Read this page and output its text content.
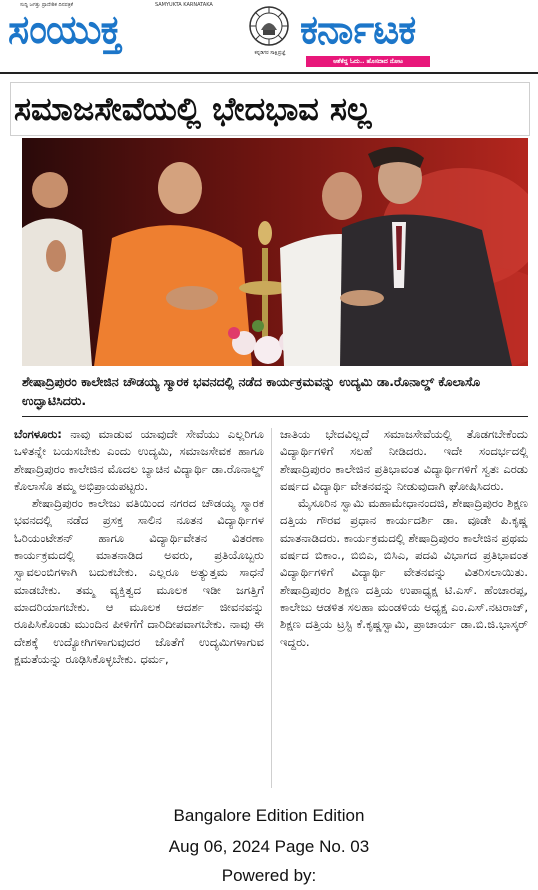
ಸುದ್ದಿ ಜಗತ್ತು ಪ್ರಾದೇಶಿಕ ದಿನಪತ್ರಿಕೆ	SAMYUKTA KARNATAKA
ಸಂಯುಕ್ತ	ಕನ್ನಡಿಗರ ಸಾಕ್ಷಿಪ್ರಜ್ಞೆ ಕರ್ನಾಟಕ
ಆಶೆಕೆದ್ದ ಓದು.. ಹೊಸದಾದ ನೋಟ
ಸಮಾಜಸೇವೆಯಲ್ಲಿ ಭೇದಭಾವ ಸಲ್ಲ
ಶೇಷಾದ್ರಿಪುರಂ ಕಾಲೇಜಿನ ಚೌಡಯ್ಯ ಸ್ಮಾರಕ ಭವನದಲ್ಲಿ ನಡೆದ ಕಾರ್ಯಕ್ರಮವನ್ನು ಉದ್ಯಮಿ ಡಾ.ರೊನಾಲ್ಡ್ ಕೊಲಾಸೊ ಉದ್ಘಾಟಿಸಿದರು.

ಬೆಂಗಳೂರು: ನಾವು ಮಾಡುವ ಯಾವುದೇ ಸೇವೆಯು ಎಲ್ಲರಿಗೂ ಒಳಿತನ್ನೇ ಬಯಸಬೇಕು ಎಂದು ಉದ್ಯಮಿ, ಸಮಾಜಸೇವಕ ಹಾಗೂ ಶೇಷಾದ್ರಿಪುರಂ ಕಾಲೇಜಿನ ಮೊದಲ ಬ್ಯಾಚಿನ ವಿದ್ಯಾರ್ಥಿ ಡಾ.ರೊನಾಲ್ಡ್ ಕೊಲಾಸೊ ತಮ್ಮ ಅಭಿಪ್ರಾಯಪಟ್ಟರು.

ಶೇಷಾದ್ರಿಪುರಂ ಕಾಲೇಜು ವತಿಯಿಂದ ನಗರದ ಚೌಡಯ್ಯ ಸ್ಮಾರಕ ಭವನದಲ್ಲಿ ನಡೆದ ಪ್ರಸಕ್ತ ಸಾಲಿನ ನೂತನ ವಿದ್ಯಾರ್ಥಿಗಳ ಓರಿಯಂಟೇಶನ್ ಹಾಗೂ ವಿದ್ಯಾರ್ಥಿವೇತನ ವಿತರಣಾ ಕಾರ್ಯಕ್ರಮದಲ್ಲಿ ಮಾತನಾಡಿದ ಅವರು, ಪ್ರತಿಯೊಬ್ಬರು ಸ್ವಾವಲಂಬಿಗಳಾಗಿ ಬದುಕಬೇಕು. ಎಲ್ಲರೂ ಅತ್ಯುತ್ತಮ ಸಾಧನೆ ಮಾಡಬೇಕು. ತಮ್ಮ ವ್ಯಕ್ತಿತ್ವದ ಮೂಲಕ ಇಡೀ ಜಗತ್ತಿಗೆ ಮಾದರಿಯಾಗಬೇಕು. ಆ ಮೂಲಕ ಆದರ್ಶ ಜೀವನವನ್ನು ರೂಪಿಸಿಕೊಂಡು ಮುಂದಿನ ಪೀಳಿಗೆಗೆ ದಾರಿದೀಪವಾಗಬೇಕು. ನಾವು ಈ ದೇಶಕ್ಕೆ ಉದ್ಯೋಗಿಗಳಾಗುವುದರ ಜೊತೆಗೆ ಉದ್ಯಮಿಗಳಾಗುವ ಕ್ಷಮತೆಯನ್ನು ರೂಢಿಸಿಕೊಳ್ಳಬೇಕು. ಧರ್ಮ,

ಜಾತಿಯ ಭೇದವಿಲ್ಲದೆ ಸಮಾಜಸೇವೆಯಲ್ಲಿ ತೊಡಗಬೇಕೆಂದು ವಿದ್ಯಾರ್ಥಿಗಳಿಗೆ ಸಲಹೆ ನೀಡಿದರು. ಇದೇ ಸಂದರ್ಭದಲ್ಲಿ ಶೇಷಾದ್ರಿಪುರಂ ಕಾಲೇಜಿನ ಪ್ರತಿಭಾವಂತ ವಿದ್ಯಾರ್ಥಿಗಳಿಗೆ ಸ್ವತಃ ಎರಡು ವರ್ಷದ ವಿದ್ಯಾರ್ಥಿ ವೇತನವನ್ನು ನೀಡುವುದಾಗಿ ಘೋಷಿಸಿದರು.

ಮೈಸೂರಿನ ಸ್ವಾಮಿ ಮಹಾಮೇಧಾನಂದಜಿ, ಶೇಷಾದ್ರಿಪುರಂ ಶಿಕ್ಷಣ ದತ್ತಿಯ ಗೌರವ ಪ್ರಧಾನ ಕಾರ್ಯದರ್ಶಿ ಡಾ. ವೂಡೇ ಪಿ.ಕೃಷ್ಣ ಮಾತನಾಡಿದರು. ಕಾರ್ಯಕ್ರಮದಲ್ಲಿ ಶೇಷಾದ್ರಿಪುರಂ ಕಾಲೇಜಿನ ಪ್ರಥಮ ವರ್ಷದ ಬಿಕಾಂ., ಬಿಬಿಎ, ಬಿಸಿಎ, ಪದವಿ ವಿಭಾಗದ ಪ್ರತಿಭಾವಂತ ವಿದ್ಯಾರ್ಥಿಗಳಿಗೆ ವಿದ್ಯಾರ್ಥಿ ವೇತನವನ್ನು ವಿತರಿಸಲಾಯಿತು. ಶೇಷಾದ್ರಿಪುರಂ ಶಿಕ್ಷಣ ದತ್ತಿಯ ಉಪಾಧ್ಯಕ್ಷ ಟಿ.ಎಸ್. ಹೆಂಚಾರಪ್ಪ, ಕಾಲೇಜು ಆಡಳಿತ ಸಲಹಾ ಮಂಡಳಿಯ ಅಧ್ಯಕ್ಷ ಎಂ.ಎಸ್.ನಟರಾಜ್, ಶಿಕ್ಷಣ ದತ್ತಿಯ ಟ್ರಸ್ಟಿ ಕೆ.ಕೃಷ್ಣಸ್ವಾಮಿ, ಪ್ರಾಚಾರ್ಯ ಡಾ.ಬಿ.ಜಿ.ಭಾಸ್ಕರ್ ಇದ್ದರು.

Bangalore Edition Edition
Aug 06, 2024 Page No. 03
Powered by:
